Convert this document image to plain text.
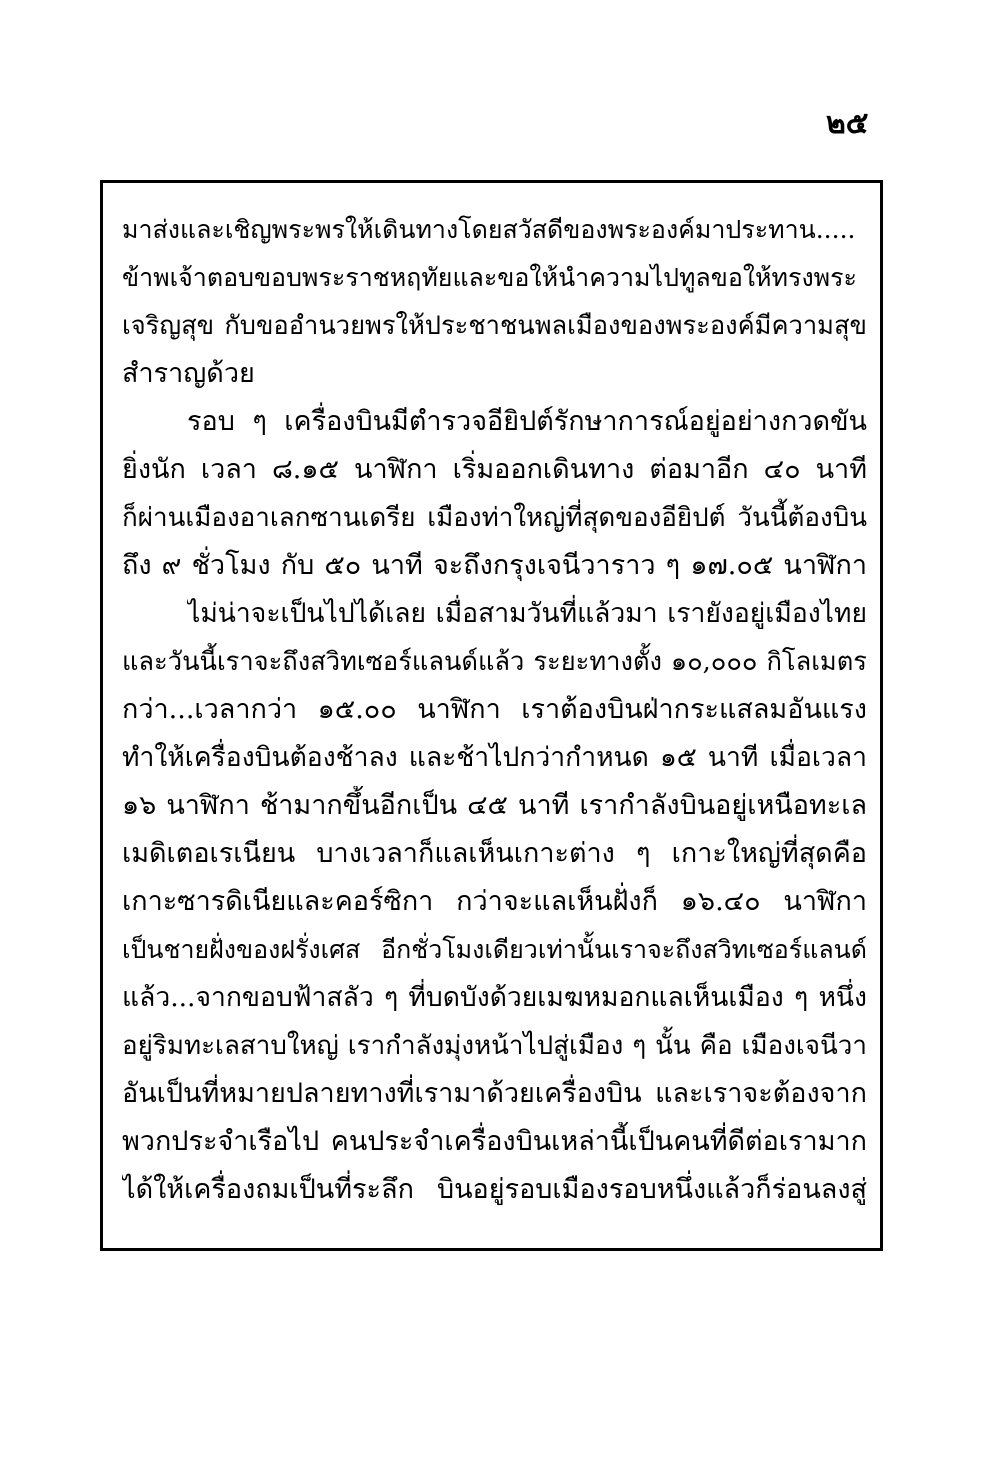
๒๕
มาส่งและเชิญพระพรให้เดินทางโดยสวัสดีของพระองค์มาประทาน.....
ข้าพเจ้าตอบขอบพระราชหฤทัยและขอให้นำความไปทูลขอให้ทรงพระ
เจริญสุข กับขออำนวยพรให้ประชาชนพลเมืองของพระองค์มีความสุข
สำราญด้วย
รอบ ๆ เครื่องบินมีตำรวจอียิปต์รักษาการณ์อยู่อย่างกวดขัน
ยิ่งนัก เวลา ๘.๑๕ นาฬิกา เริ่มออกเดินทาง ต่อมาอีก ๔๐ นาที
ก็ผ่านเมืองอาเลกซานเดรีย เมืองท่าใหญ่ที่สุดของอียิปต์ วันนี้ต้องบิน
ถึง ๙ ชั่วโมง กับ ๕๐ นาที จะถึงกรุงเจนีวาราว ๆ ๑๗.๐๕ นาฬิกา
ไม่น่าจะเป็นไปได้เลย เมื่อสามวันที่แล้วมา เรายังอยู่เมืองไทย
และวันนี้เราจะถึงสวิทเซอร์แลนด์แล้ว ระยะทางตั้ง ๑๐,๐๐๐ กิโลเมตร
กว่า...เวลากว่า ๑๕.๐๐ นาฬิกา เราต้องบินฝ่ากระแสลมอันแรง
ทำให้เครื่องบินต้องช้าลง และช้าไปกว่ากำหนด ๑๕ นาที เมื่อเวลา
๑๖ นาฬิกา ช้ามากขึ้นอีกเป็น ๔๕ นาที เรากำลังบินอยู่เหนือทะเล
เมดิเตอเรเนียน บางเวลาก็แลเห็นเกาะต่าง ๆ เกาะใหญ่ที่สุดคือ
เกาะซารดิเนียและคอร์ซิกา กว่าจะแลเห็นฝั่งก็ ๑๖.๔๐ นาฬิกา
เป็นชายฝั่งของฝรั่งเศส อีกชั่วโมงเดียวเท่านั้นเราจะถึงสวิทเซอร์แลนด์
แล้ว...จากขอบฟ้าสลัว ๆ ที่บดบังด้วยเมฆหมอกแลเห็นเมือง ๆ หนึ่ง
อยู่ริมทะเลสาบใหญ่ เรากำลังมุ่งหน้าไปสู่เมือง ๆ นั้น คือ เมืองเจนีวา
อันเป็นที่หมายปลายทางที่เรามาด้วยเครื่องบิน และเราจะต้องจาก
พวกประจำเรือไป คนประจำเครื่องบินเหล่านี้เป็นคนที่ดีต่อเรามาก
ได้ให้เครื่องถมเป็นที่ระลึก บินอยู่รอบเมืองรอบหนึ่งแล้วก็ร่อนลงสู่
